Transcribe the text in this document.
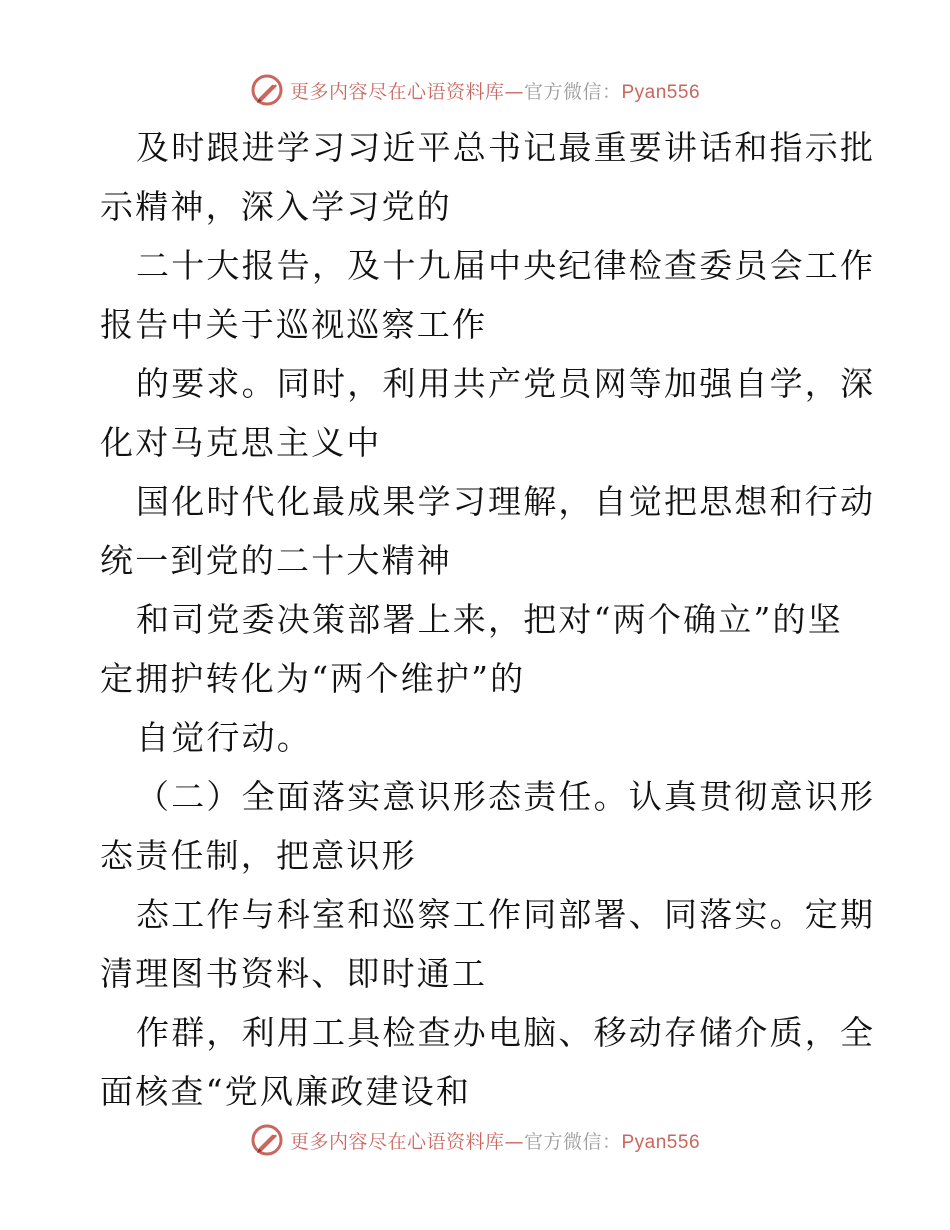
更多内容尽在心语资料库—官方微信：Pyan556
及时跟进学习习近平总书记最重要讲话和指示批
示精神，深入学习党的
二十大报告，及十九届中央纪律检查委员会工作
报告中关于巡视巡察工作
的要求。同时，利用共产党员网等加强自学，深
化对马克思主义中
国化时代化最成果学习理解，自觉把思想和行动
统一到党的二十大精神
和司党委决策部署上来，把对“两个确立”的坚
定拥护转化为“两个维护”的
自觉行动。
（二）全面落实意识形态责任。认真贯彻意识形
态责任制，把意识形
态工作与科室和巡察工作同部署、同落实。定期
清理图书资料、即时通工
作群，利用工具检查办电脑、移动存储介质，全
面核查“党风廉政建设和
更多内容尽在心语资料库—官方微信：Pyan556
